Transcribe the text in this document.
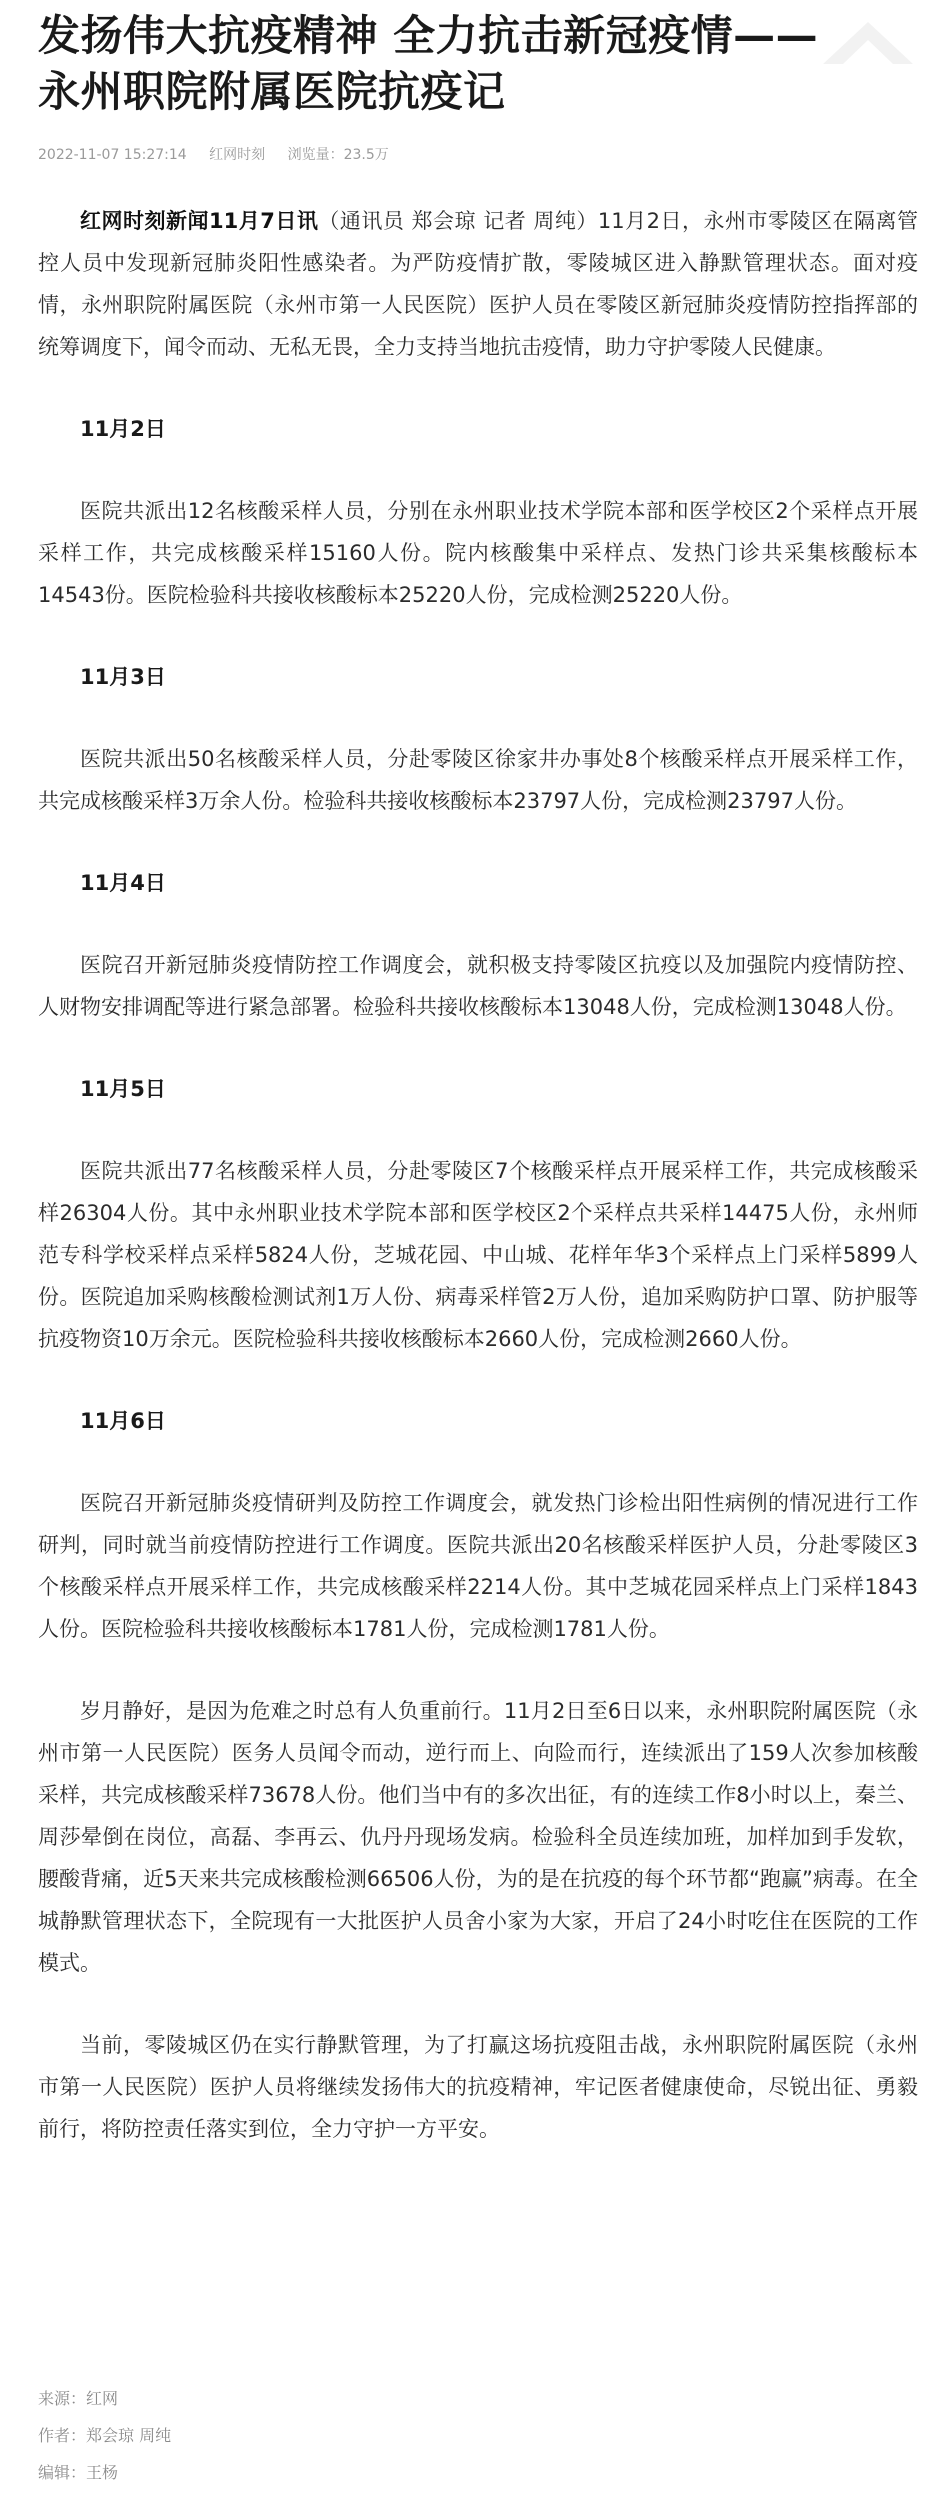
发扬伟大抗疫精神 全力抗击新冠疫情——
永州职院附属医院抗疫记
2022-11-07 15:27:14 红网时刻 浏览量：23.5万

红网时刻新闻11月7日讯（通讯员 郑会琼 记者 周纯）11月2日，永州市零陵区在隔离管控人员中发现新冠肺炎阳性感染者。为严防疫情扩散，零陵城区进入静默管理状态。面对疫情，永州职院附属医院（永州市第一人民医院）医护人员在零陵区新冠肺炎疫情防控指挥部的统筹调度下，闻令而动、无私无畏，全力支持当地抗击疫情，助力守护零陵人民健康。

11月2日

医院共派出12名核酸采样人员，分别在永州职业技术学院本部和医学校区2个采样点开展采样工作，共完成核酸采样15160人份。院内核酸集中采样点、发热门诊共采集核酸标本14543份。医院检验科共接收核酸标本25220人份，完成检测25220人份。

11月3日

医院共派出50名核酸采样人员，分赴零陵区徐家井办事处8个核酸采样点开展采样工作，共完成核酸采样3万余人份。检验科共接收核酸标本23797人份，完成检测23797人份。

11月4日

医院召开新冠肺炎疫情防控工作调度会，就积极支持零陵区抗疫以及加强院内疫情防控、人财物安排调配等进行紧急部署。检验科共接收核酸标本13048人份，完成检测13048人份。

11月5日

医院共派出77名核酸采样人员，分赴零陵区7个核酸采样点开展采样工作，共完成核酸采样26304人份。其中永州职业技术学院本部和医学校区2个采样点共采样14475人份，永州师范专科学校采样点采样5824人份，芝城花园、中山城、花样年华3个采样点上门采样5899人份。医院追加采购核酸检测试剂1万人份、病毒采样管2万人份，追加采购防护口罩、防护服等抗疫物资10万余元。医院检验科共接收核酸标本2660人份，完成检测2660人份。

11月6日

医院召开新冠肺炎疫情研判及防控工作调度会，就发热门诊检出阳性病例的情况进行工作研判，同时就当前疫情防控进行工作调度。医院共派出20名核酸采样医护人员，分赴零陵区3个核酸采样点开展采样工作，共完成核酸采样2214人份。其中芝城花园采样点上门采样1843人份。医院检验科共接收核酸标本1781人份，完成检测1781人份。

岁月静好，是因为危难之时总有人负重前行。11月2日至6日以来，永州职院附属医院（永州市第一人民医院）医务人员闻令而动，逆行而上、向险而行，连续派出了159人次参加核酸采样，共完成核酸采样73678人份。他们当中有的多次出征，有的连续工作8小时以上，秦兰、周莎晕倒在岗位，高磊、李再云、仇丹丹现场发病。检验科全员连续加班，加样加到手发软，腰酸背痛，近5天来共完成核酸检测66506人份，为的是在抗疫的每个环节都“跑赢”病毒。在全城静默管理状态下，全院现有一大批医护人员舍小家为大家，开启了24小时吃住在医院的工作模式。

当前，零陵城区仍在实行静默管理，为了打赢这场抗疫阻击战，永州职院附属医院（永州市第一人民医院）医护人员将继续发扬伟大的抗疫精神，牢记医者健康使命，尽锐出征、勇毅前行，将防控责任落实到位，全力守护一方平安。

来源：红网
作者：郑会琼 周纯
编辑：王杨
